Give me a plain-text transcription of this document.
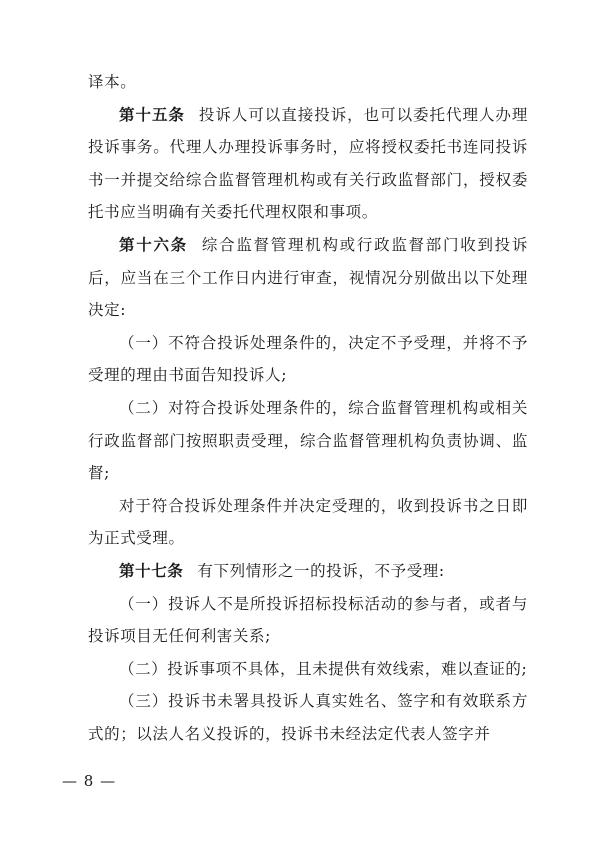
译本。

第十五条 投诉人可以直接投诉，也可以委托代理人办理投诉事务。代理人办理投诉事务时，应将授权委托书连同投诉书一并提交给综合监督管理机构或有关行政监督部门，授权委托书应当明确有关委托代理权限和事项。

第十六条 综合监督管理机构或行政监督部门收到投诉后，应当在三个工作日内进行审查，视情况分别做出以下处理决定:

（一）不符合投诉处理条件的，决定不予受理，并将不予受理的理由书面告知投诉人;

（二）对符合投诉处理条件的，综合监督管理机构或相关行政监督部门按照职责受理，综合监督管理机构负责协调、监督;

对于符合投诉处理条件并决定受理的，收到投诉书之日即为正式受理。

第十七条 有下列情形之一的投诉，不予受理:

（一）投诉人不是所投诉招标投标活动的参与者，或者与投诉项目无任何利害关系;

（二）投诉事项不具体，且未提供有效线索，难以查证的;

（三）投诉书未署具投诉人真实姓名、签字和有效联系方式的；以法人名义投诉的，投诉书未经法定代表人签字并

— 8 —
